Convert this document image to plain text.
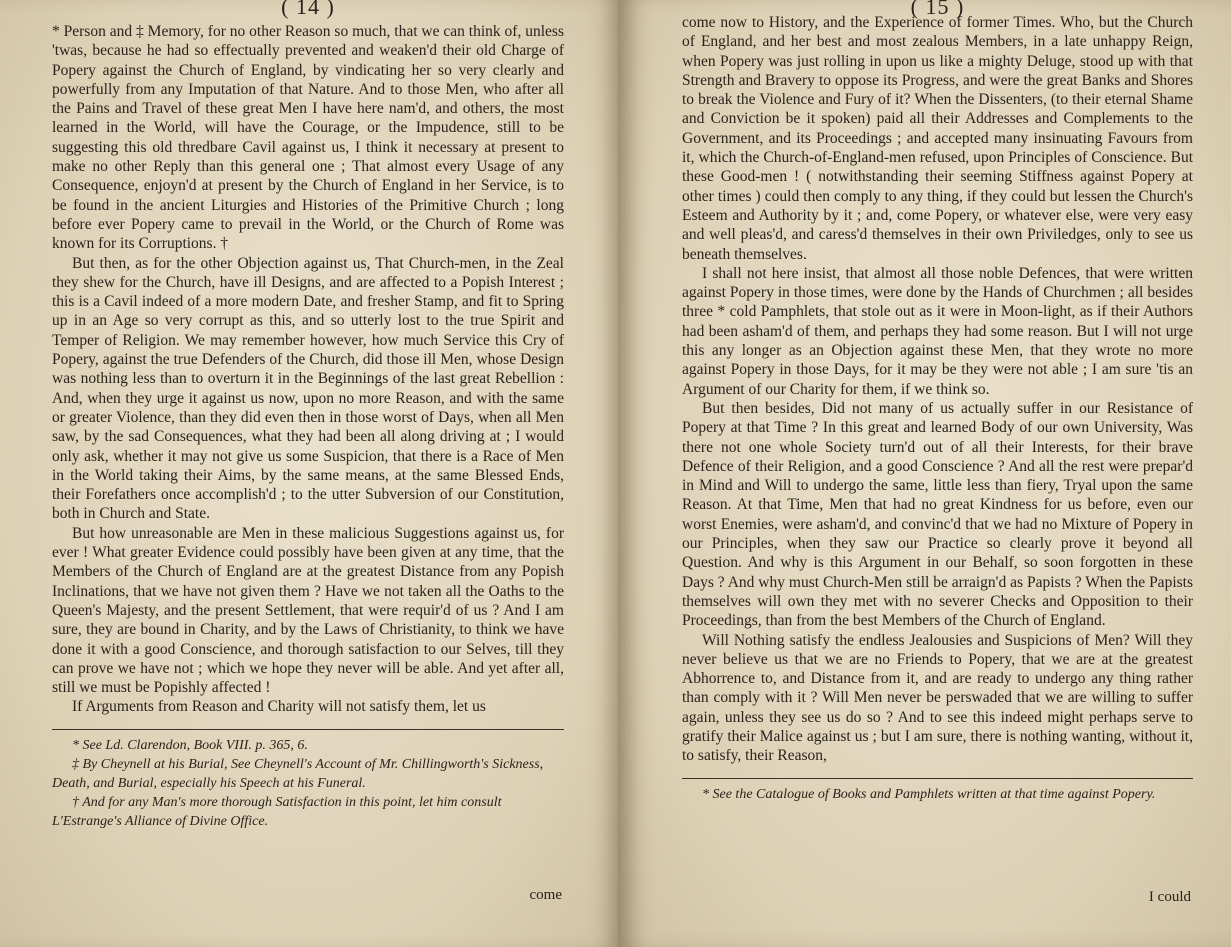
( 14 )

* Person and ‡ Memory, for no other Reason so much, that we can think of, unless 'twas, because he had so effectually prevented and weaken'd their old Charge of Popery against the Church of England, by vindicating her so very clearly and powerfully from any Imputation of that Nature. And to those Men, who after all the Pains and Travel of these great Men I have here nam'd, and others, the most learned in the World, will have the Courage, or the Impudence, still to be suggesting this old thredbare Cavil against us, I think it necessary at present to make no other Reply than this general one ; That almost every Usage of any Consequence, enjoyn'd at present by the Church of England in her Service, is to be found in the ancient Liturgies and Histories of the Primitive Church ; long before ever Popery came to prevail in the World, or the Church of Rome was known for its Corruptions. †

But then, as for the other Objection against us, That Church-men, in the Zeal they shew for the Church, have ill Designs, and are affected to a Popish Interest ; this is a Cavil indeed of a more modern Date, and fresher Stamp, and fit to Spring up in an Age so very corrupt as this, and so utterly lost to the true Spirit and Temper of Religion. We may remember however, how much Service this Cry of Popery, against the true Defenders of the Church, did those ill Men, whose Design was nothing less than to overturn it in the Beginnings of the last great Rebellion : And, when they urge it against us now, upon no more Reason, and with the same or greater Violence, than they did even then in those worst of Days, when all Men saw, by the sad Consequences, what they had been all along driving at ; I would only ask, whether it may not give us some Suspicion, that there is a Race of Men in the World taking their Aims, by the same means, at the same Blessed Ends, their Forefathers once accomplish'd ; to the utter Subversion of our Constitution, both in Church and State.

But how unreasonable are Men in these malicious Suggestions against us, for ever ! What greater Evidence could possibly have been given at any time, that the Members of the Church of England are at the greatest Distance from any Popish Inclinations, that we have not given them ? Have we not taken all the Oaths to the Queen's Majesty, and the present Settlement, that were requir'd of us ? And I am sure, they are bound in Charity, and by the Laws of Christianity, to think we have done it with a good Conscience, and thorough satisfaction to our Selves, till they can prove we have not ; which we hope they never will be able. And yet after all, still we must be Popishly affected !

If Arguments from Reason and Charity will not satisfy them, let us

* See Ld. Clarendon, Book VIII. p. 365, 6.

‡ By Cheynell at his Burial, See Cheynell's Account of Mr. Chillingworth's Sickness, Death, and Burial, especially his Speech at his Funeral.

† And for any Man's more thorough Satisfaction in this point, let him consult L'Estrange's Alliance of Divine Office.

come
( 15 )

come now to History, and the Experience of former Times. Who, but the Church of England, and her best and most zealous Members, in a late unhappy Reign, when Popery was just rolling in upon us like a mighty Deluge, stood up with that Strength and Bravery to oppose its Progress, and were the great Banks and Shores to break the Violence and Fury of it? When the Dissenters, (to their eternal Shame and Conviction be it spoken) paid all their Addresses and Complements to the Government, and its Proceedings ; and accepted many insinuating Favours from it, which the Church-of-England-men refused, upon Principles of Conscience. But these Good-men ! ( notwithstanding their seeming Stiffness against Popery at other times ) could then comply to any thing, if they could but lessen the Church's Esteem and Authority by it ; and, come Popery, or whatever else, were very easy and well pleas'd, and caress'd themselves in their own Priviledges, only to see us beneath themselves.

I shall not here insist, that almost all those noble Defences, that were written against Popery in those times, were done by the Hands of Churchmen ; all besides three * cold Pamphlets, that stole out as it were in Moon-light, as if their Authors had been asham'd of them, and perhaps they had some reason. But I will not urge this any longer as an Objection against these Men, that they wrote no more against Popery in those Days, for it may be they were not able ; I am sure 'tis an Argument of our Charity for them, if we think so.

But then besides, Did not many of us actually suffer in our Resistance of Popery at that Time ? In this great and learned Body of our own University, Was there not one whole Society turn'd out of all their Interests, for their brave Defence of their Religion, and a good Conscience ? And all the rest were prepar'd in Mind and Will to undergo the same, little less than fiery, Tryal upon the same Reason. At that Time, Men that had no great Kindness for us before, even our worst Enemies, were asham'd, and convinc'd that we had no Mixture of Popery in our Principles, when they saw our Practice so clearly prove it beyond all Question. And why is this Argument in our Behalf, so soon forgotten in these Days ? And why must Church-Men still be arraign'd as Papists ? When the Papists themselves will own they met with no severer Checks and Opposition to their Proceedings, than from the best Members of the Church of England.

Will Nothing satisfy the endless Jealousies and Suspicions of Men? Will they never believe us that we are no Friends to Popery, that we are at the greatest Abhorrence to, and Distance from it, and are ready to undergo any thing rather than comply with it ? Will Men never be perswaded that we are willing to suffer again, unless they see us do so ? And to see this indeed might perhaps serve to gratify their Malice against us ; but I am sure, there is nothing wanting, without it, to satisfy, their Reason,

* See the Catalogue of Books and Pamphlets written at that time against Popery.

I could
